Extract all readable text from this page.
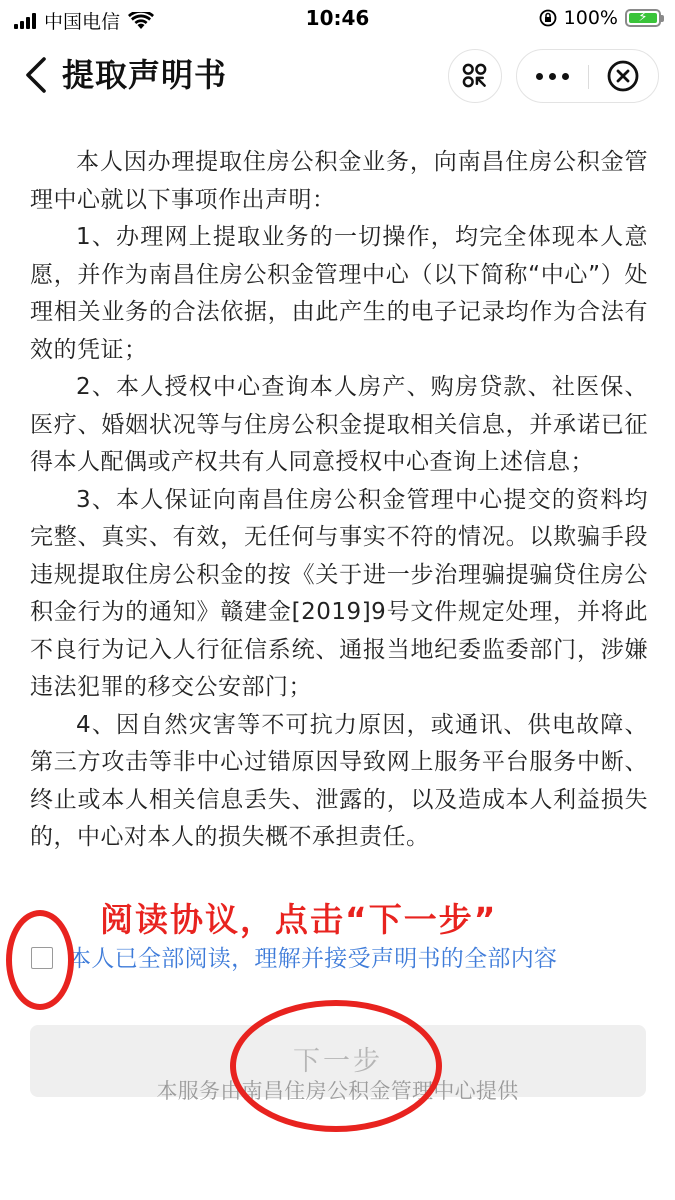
中国电信	10:46	100%	⚡
提取声明书

本人因办理提取住房公积金业务，向南昌住房公积金管理中心就以下事项作出声明：

1、办理网上提取业务的一切操作，均完全体现本人意愿，并作为南昌住房公积金管理中心（以下简称“中心”）处理相关业务的合法依据，由此产生的电子记录均作为合法有效的凭证；

2、本人授权中心查询本人房产、购房贷款、社医保、医疗、婚姻状况等与住房公积金提取相关信息，并承诺已征得本人配偶或产权共有人同意授权中心查询上述信息；

3、本人保证向南昌住房公积金管理中心提交的资料均完整、真实、有效，无任何与事实不符的情况。以欺骗手段违规提取住房公积金的按《关于进一步治理骗提骗贷住房公积金行为的通知》赣建金[2019]9号文件规定处理，并将此不良行为记入人行征信系统、通报当地纪委监委部门，涉嫌违法犯罪的移交公安部门；

4、因自然灾害等不可抗力原因，或通讯、供电故障、第三方攻击等非中心过错原因导致网上服务平台服务中断、终止或本人相关信息丢失、泄露的，以及造成本人利益损失的，中心对本人的损失概不承担责任。

阅读协议，点击“下一步”
本人已全部阅读，理解并接受声明书的全部内容
下一步
本服务由南昌住房公积金管理中心提供
